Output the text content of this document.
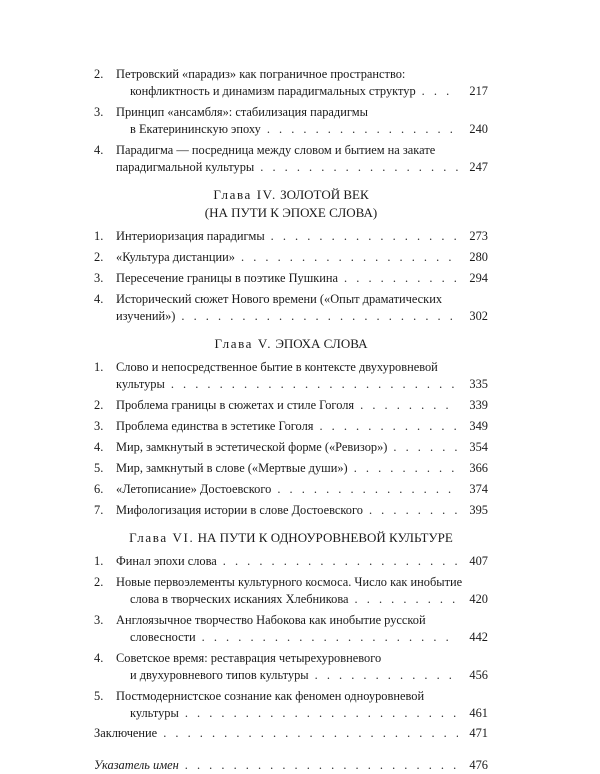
2.	Петровский «парадиз» как пограничное пространство:
конфликтность и динамизм парадигмальных структур . . .	217
3.	Принцип «ансамбля»: стабилизация парадигмы
в Екатерининскую эпоху . . .	240
4.	Парадигма — посредница между словом и бытием на закате
парадигмальной культуры . . .	247
Глава IV. ЗОЛОТОЙ ВЕК
(НА ПУТИ К ЭПОХЕ СЛОВА)
1.	Интериоризация парадигмы . . .	273
2.	«Культура дистанции» . . .	280
3.	Пересечение границы в поэтике Пушкина . . .	294
4.	Исторический сюжет Нового времени («Опыт драматических
изучений») . . .	302
Глава V. ЭПОХА СЛОВА
1.	Слово и непосредственное бытие в контексте двухуровневой
культуры . . .	335
2.	Проблема границы в сюжетах и стиле Гоголя . . .	339
3.	Проблема единства в эстетике Гоголя . . .	349
4.	Мир, замкнутый в эстетической форме («Ревизор») . . .	354
5.	Мир, замкнутый в слове («Мертвые души») . . .	366
6.	«Летописание» Достоевского . . .	374
7.	Мифологизация истории в слове Достоевского . . .	395
Глава VI. НА ПУТИ К ОДНОУРОВНЕВОЙ КУЛЬТУРЕ
1.	Финал эпохи слова . . .	407
2.	Новые первоэлементы культурного космоса. Число как инобытие
слова в творческих исканиях Хлебникова . . .	420
3.	Англоязычное творчество Набокова как инобытие русской
словесности . . .	442
4.	Советское время: реставрация четырехуровневого
и двухуровневого типов культуры . . .	456
5.	Постмодернистское сознание как феномен одноуровневой
культуры . . .	461
Заключение . . .	471
Указатель имен . . .	476
